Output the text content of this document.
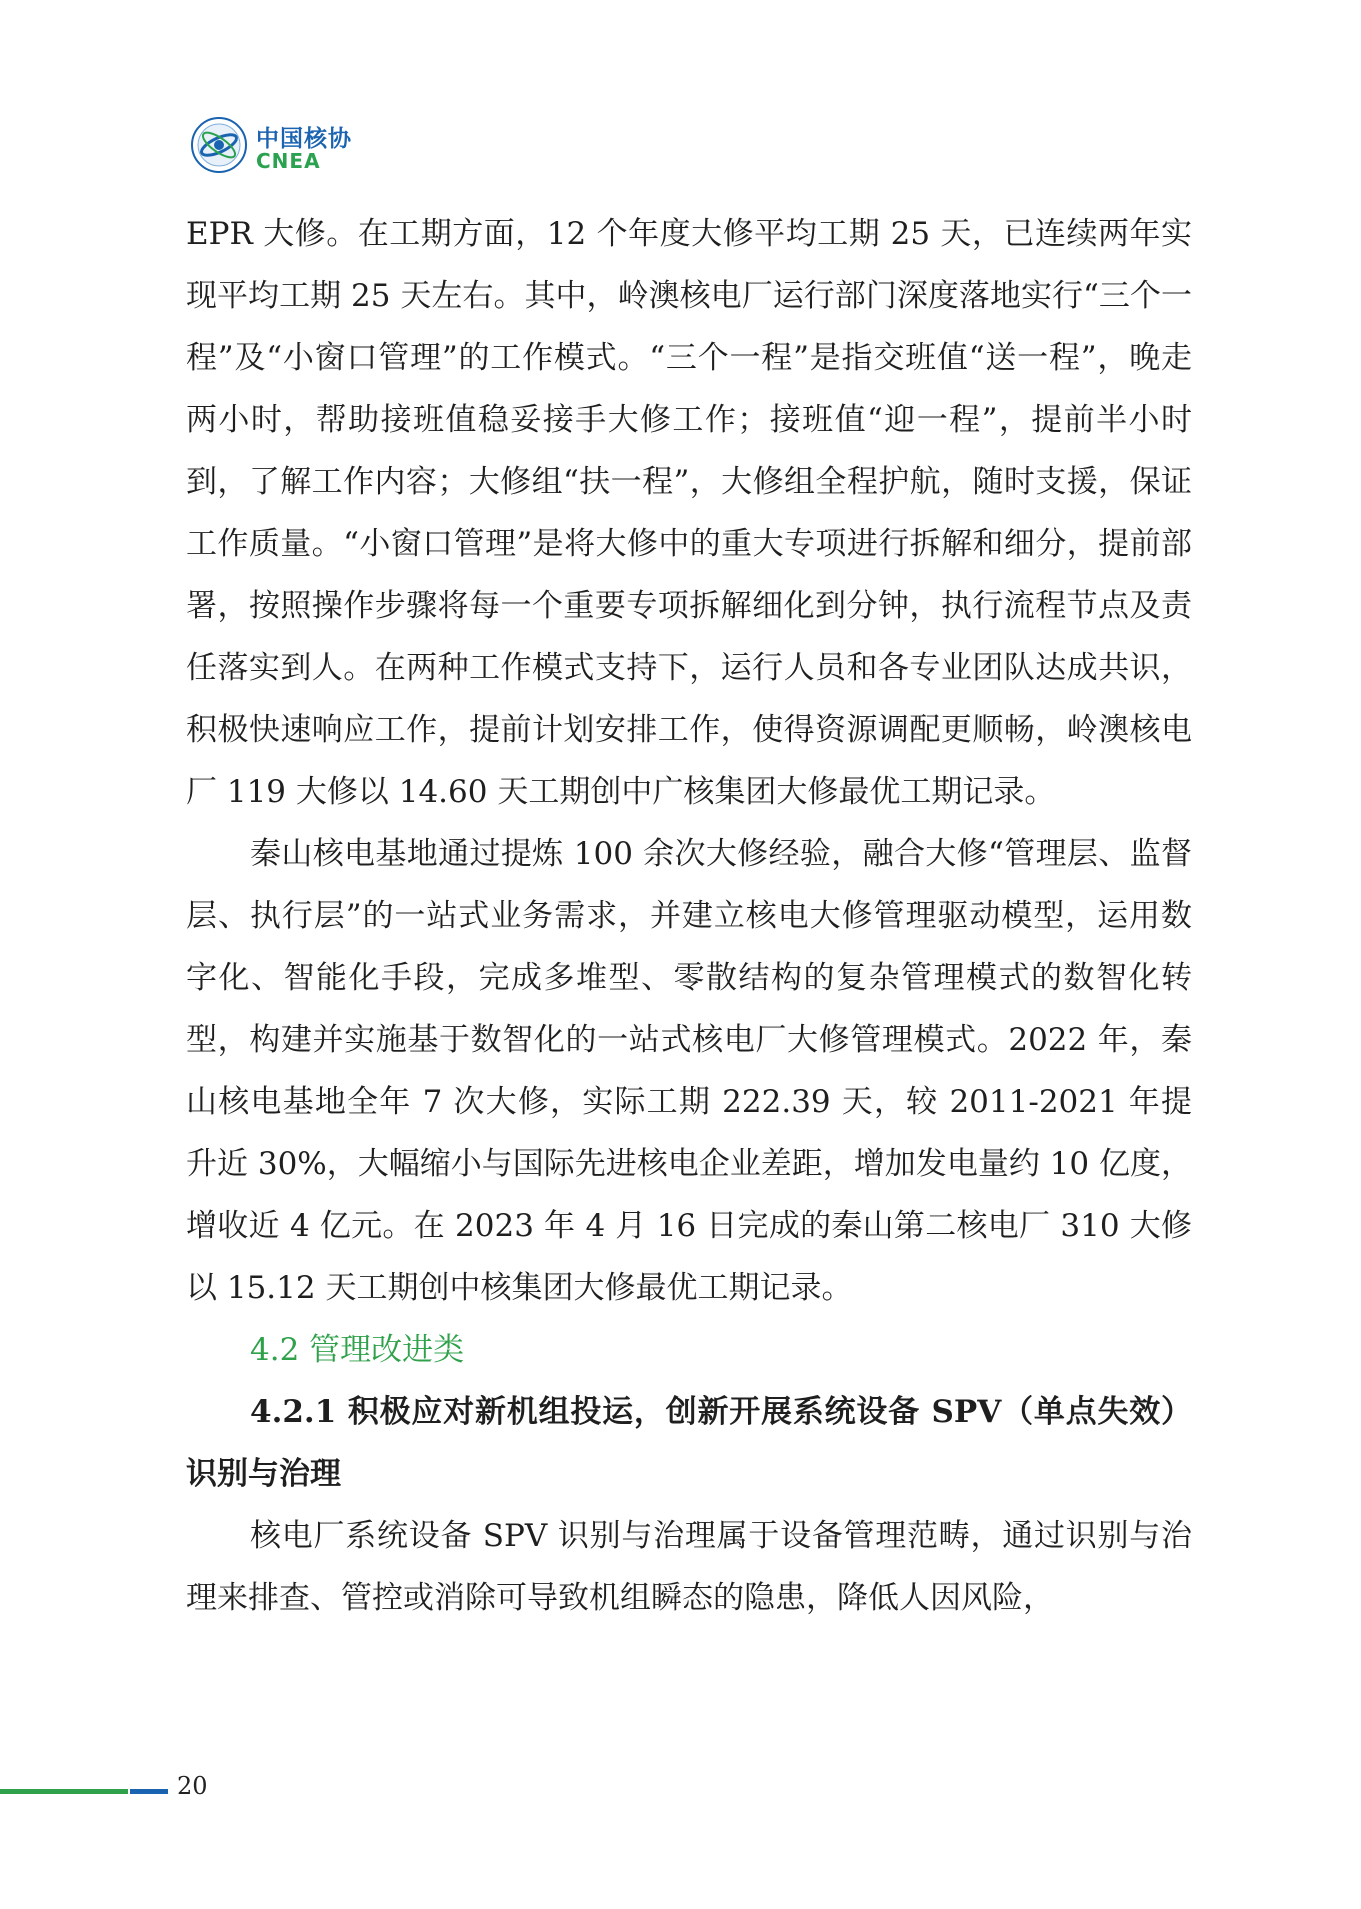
中国核协
CNEA

EPR 大修。在工期方面，12 个年度大修平均工期 25 天，已连续两年实现平均工期 25 天左右。其中，岭澳核电厂运行部门深度落地实行“三个一程”及“小窗口管理”的工作模式。“三个一程”是指交班值“送一程”，晚走两小时，帮助接班值稳妥接手大修工作；接班值“迎一程”，提前半小时到，了解工作内容；大修组“扶一程”，大修组全程护航，随时支援，保证工作质量。“小窗口管理”是将大修中的重大专项进行拆解和细分，提前部署，按照操作步骤将每一个重要专项拆解细化到分钟，执行流程节点及责任落实到人。在两种工作模式支持下，运行人员和各专业团队达成共识，积极快速响应工作，提前计划安排工作，使得资源调配更顺畅，岭澳核电厂 119 大修以 14.60 天工期创中广核集团大修最优工期记录。

秦山核电基地通过提炼 100 余次大修经验，融合大修“管理层、监督层、执行层”的一站式业务需求，并建立核电大修管理驱动模型，运用数字化、智能化手段，完成多堆型、零散结构的复杂管理模式的数智化转型，构建并实施基于数智化的一站式核电厂大修管理模式。2022 年，秦山核电基地全年 7 次大修，实际工期 222.39 天，较 2011-2021 年提升近 30%，大幅缩小与国际先进核电企业差距，增加发电量约 10 亿度，增收近 4 亿元。在 2023 年 4 月 16 日完成的秦山第二核电厂 310 大修以 15.12 天工期创中核集团大修最优工期记录。

4.2 管理改进类

4.2.1 积极应对新机组投运，创新开展系统设备 SPV（单点失效）识别与治理

核电厂系统设备 SPV 识别与治理属于设备管理范畴，通过识别与治理来排查、管控或消除可导致机组瞬态的隐患，降低人因风险，

20
